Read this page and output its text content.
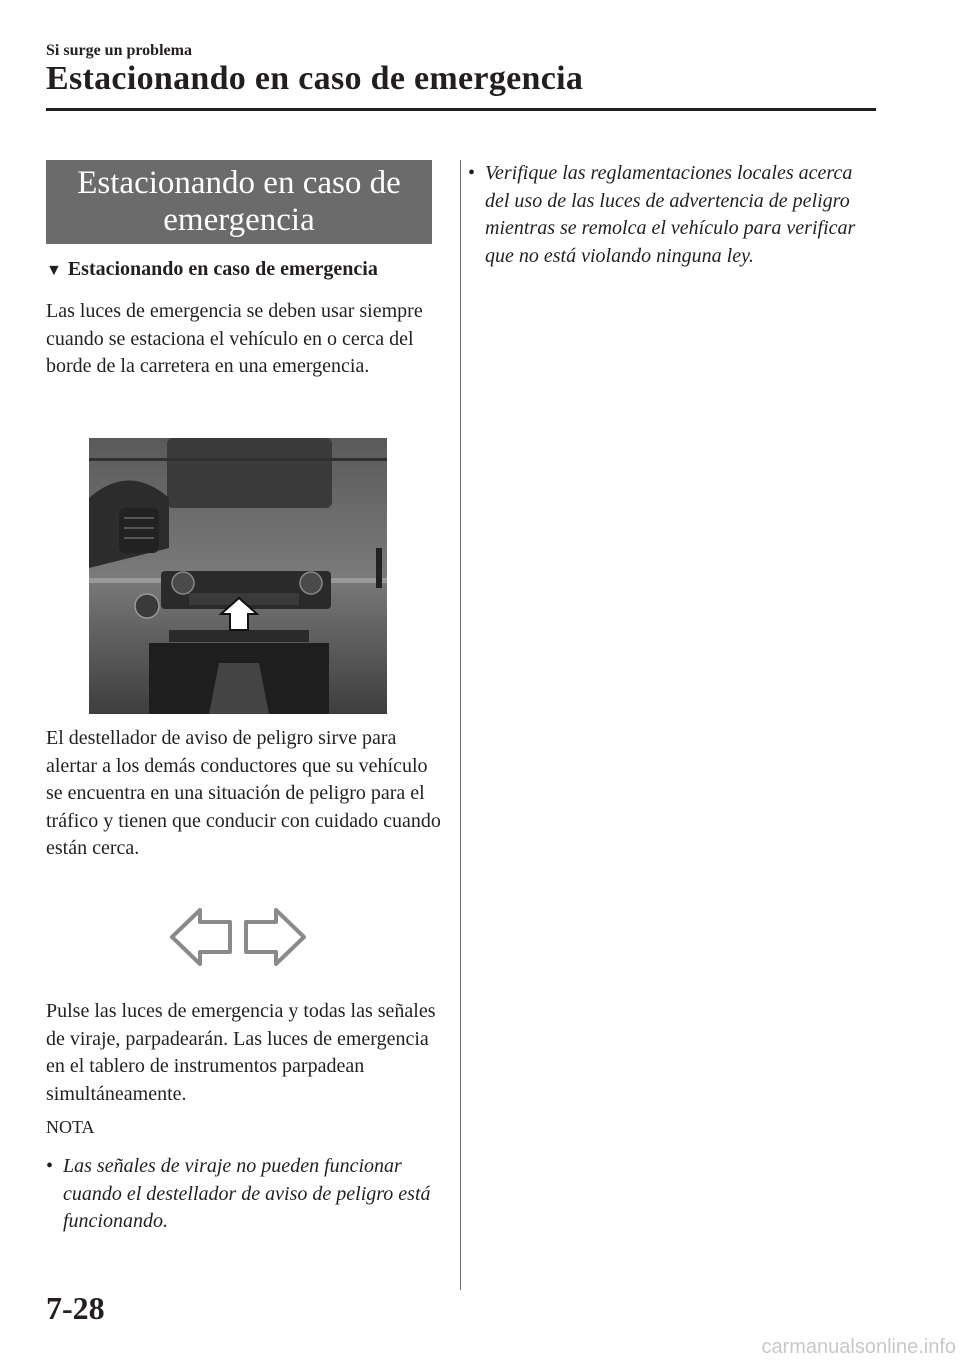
Si surge un problema
Estacionando en caso de emergencia
Estacionando en caso de emergencia
▼ Estacionando en caso de emergencia
Las luces de emergencia se deben usar siempre cuando se estaciona el vehículo en o cerca del borde de la carretera en una emergencia.
El destellador de aviso de peligro sirve para alertar a los demás conductores que su vehículo se encuentra en una situación de peligro para el tráfico y tienen que conducir con cuidado cuando están cerca.
Pulse las luces de emergencia y todas las señales de viraje, parpadearán. Las luces de emergencia en el tablero de instrumentos parpadean simultáneamente.
NOTA
• Las señales de viraje no pueden funcionar cuando el destellador de aviso de peligro está funcionando.
• Verifique las reglamentaciones locales acerca del uso de las luces de advertencia de peligro mientras se remolca el vehículo para verificar que no está violando ninguna ley.
7-28
carmanualsonline.info
